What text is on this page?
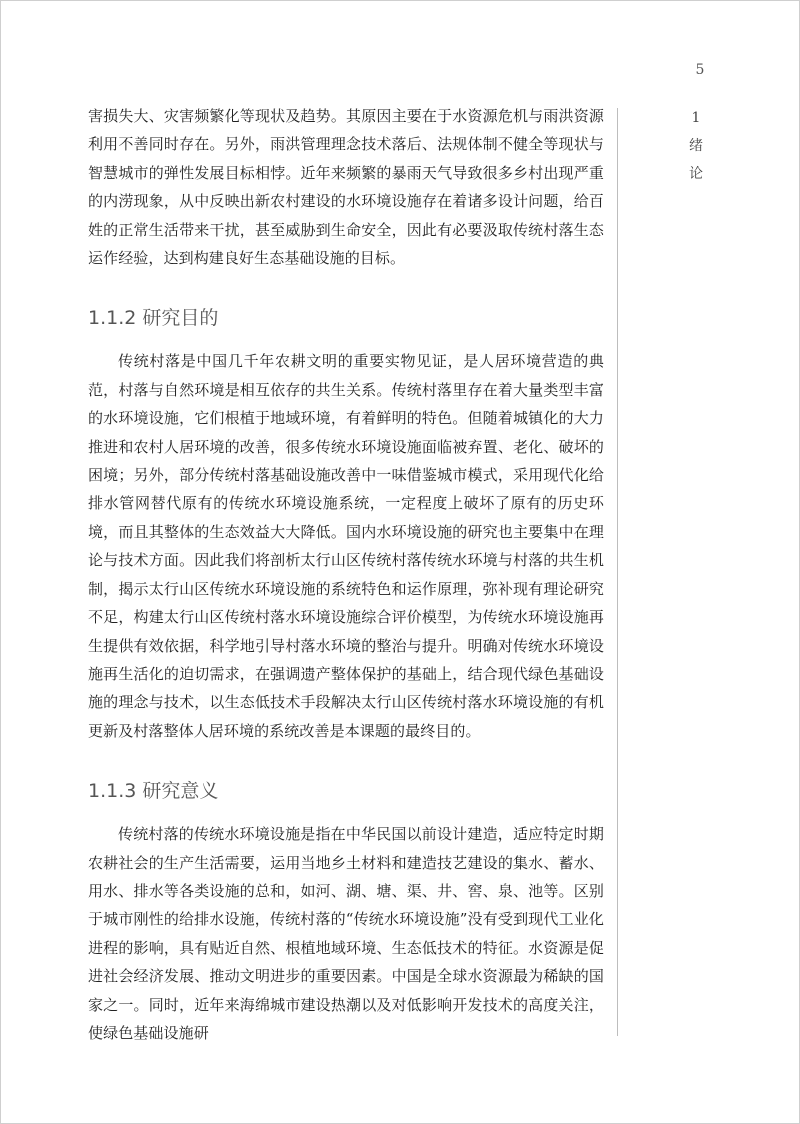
5
1
绪
论

害损失大、灾害频繁化等现状及趋势。其原因主要在于水资源危机与雨洪资源利用不善同时存在。另外，雨洪管理理念技术落后、法规体制不健全等现状与智慧城市的弹性发展目标相悖。近年来频繁的暴雨天气导致很多乡村出现严重的内涝现象，从中反映出新农村建设的水环境设施存在着诸多设计问题，给百姓的正常生活带来干扰，甚至威胁到生命安全，因此有必要汲取传统村落生态运作经验，达到构建良好生态基础设施的目标。

1.1.2 研究目的

传统村落是中国几千年农耕文明的重要实物见证，是人居环境营造的典范，村落与自然环境是相互依存的共生关系。传统村落里存在着大量类型丰富的水环境设施，它们根植于地域环境，有着鲜明的特色。但随着城镇化的大力推进和农村人居环境的改善，很多传统水环境设施面临被弃置、老化、破坏的困境；另外，部分传统村落基础设施改善中一味借鉴城市模式，采用现代化给排水管网替代原有的传统水环境设施系统，一定程度上破坏了原有的历史环境，而且其整体的生态效益大大降低。国内水环境设施的研究也主要集中在理论与技术方面。因此我们将剖析太行山区传统村落传统水环境与村落的共生机制，揭示太行山区传统水环境设施的系统特色和运作原理，弥补现有理论研究不足，构建太行山区传统村落水环境设施综合评价模型，为传统水环境设施再生提供有效依据，科学地引导村落水环境的整治与提升。明确对传统水环境设施再生活化的迫切需求，在强调遗产整体保护的基础上，结合现代绿色基础设施的理念与技术，以生态低技术手段解决太行山区传统村落水环境设施的有机更新及村落整体人居环境的系统改善是本课题的最终目的。

1.1.3 研究意义

传统村落的传统水环境设施是指在中华民国以前设计建造，适应特定时期农耕社会的生产生活需要，运用当地乡土材料和建造技艺建设的集水、蓄水、用水、排水等各类设施的总和，如河、湖、塘、渠、井、窖、泉、池等。区别于城市刚性的给排水设施，传统村落的“传统水环境设施”没有受到现代工业化进程的影响，具有贴近自然、根植地域环境、生态低技术的特征。水资源是促进社会经济发展、推动文明进步的重要因素。中国是全球水资源最为稀缺的国家之一。同时，近年来海绵城市建设热潮以及对低影响开发技术的高度关注，使绿色基础设施研
